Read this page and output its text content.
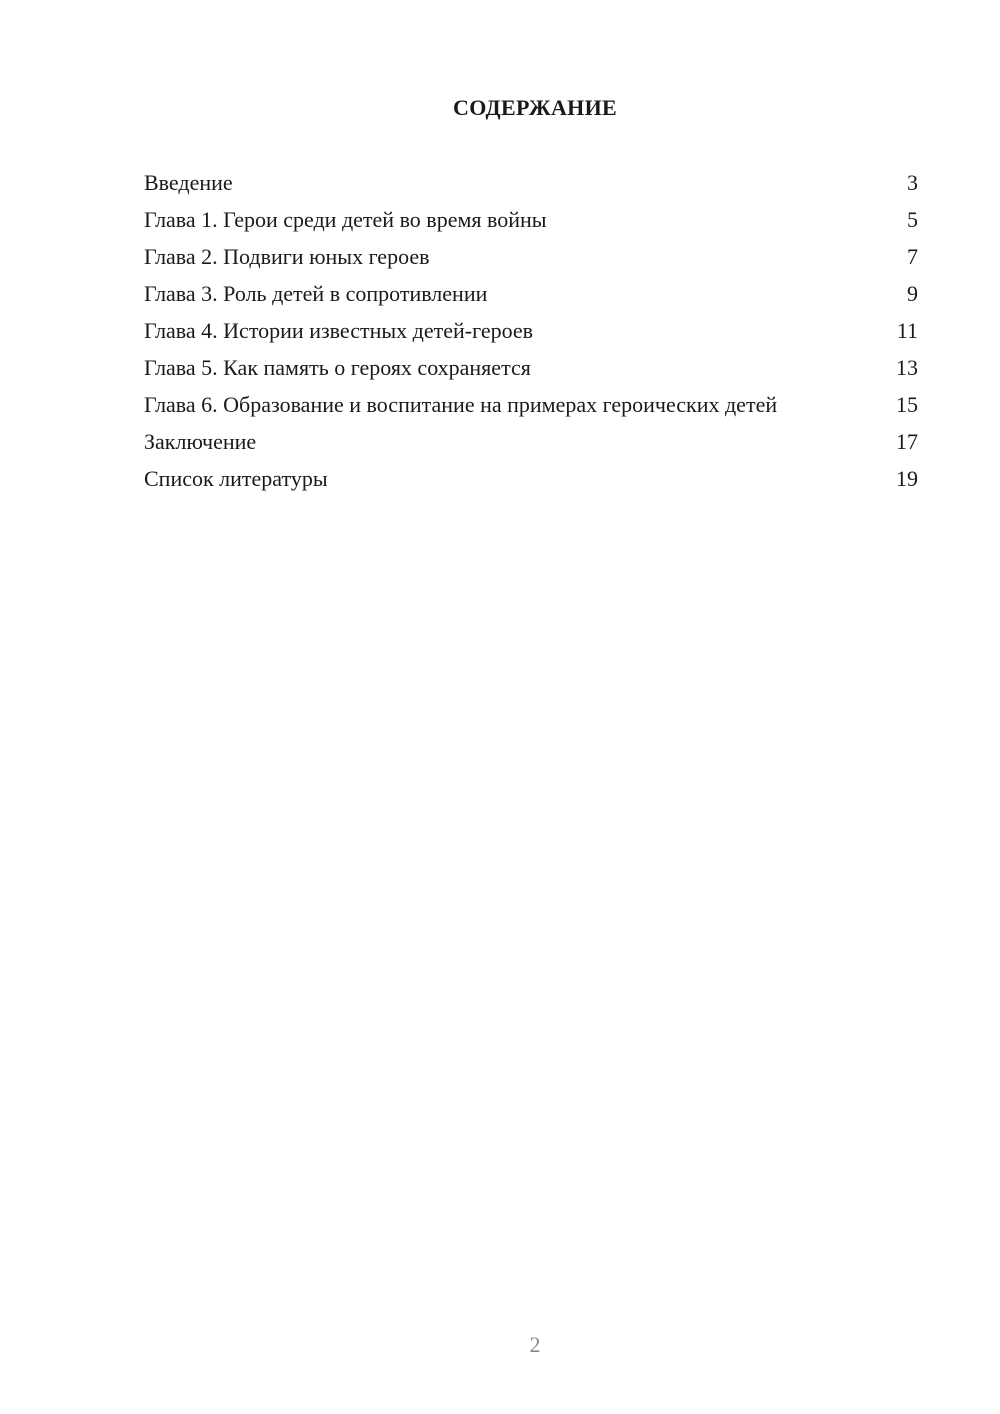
СОДЕРЖАНИЕ
Введение	3
Глава 1. Герои среди детей во время войны	5
Глава 2. Подвиги юных героев	7
Глава 3. Роль детей в сопротивлении	9
Глава 4. Истории известных детей-героев	11
Глава 5. Как память о героях сохраняется	13
Глава 6. Образование и воспитание на примерах героических детей	15
Заключение	17
Список литературы	19
2
